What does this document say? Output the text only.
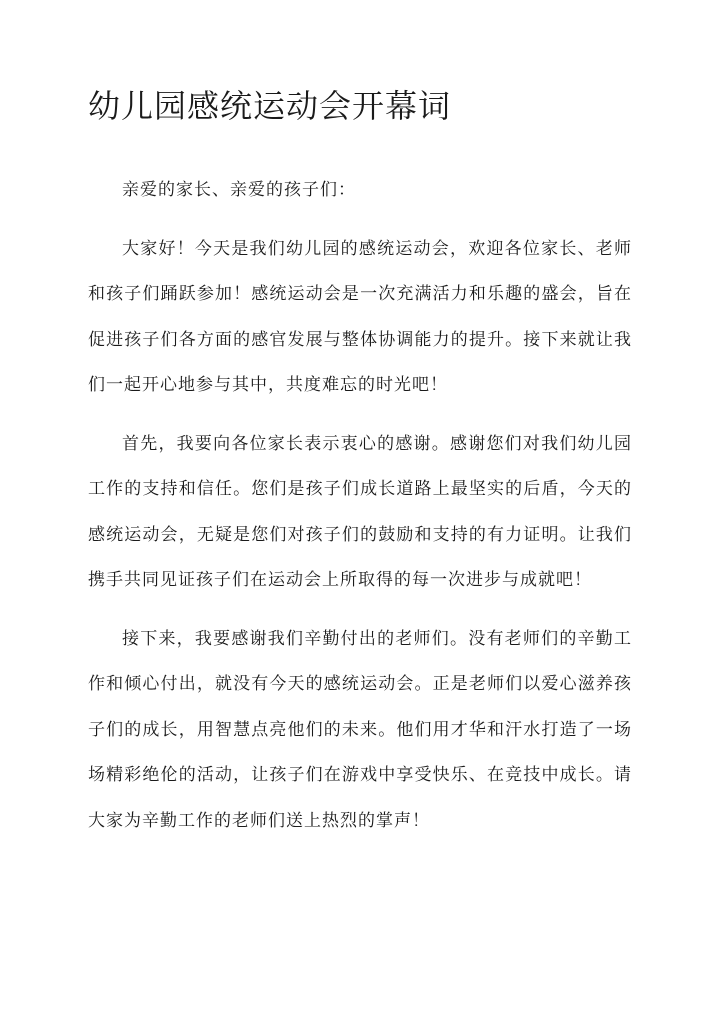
幼儿园感统运动会开幕词

亲爱的家长、亲爱的孩子们：

大家好！今天是我们幼儿园的感统运动会，欢迎各位家长、老师和孩子们踊跃参加！感统运动会是一次充满活力和乐趣的盛会，旨在促进孩子们各方面的感官发展与整体协调能力的提升。接下来就让我们一起开心地参与其中，共度难忘的时光吧！

首先，我要向各位家长表示衷心的感谢。感谢您们对我们幼儿园工作的支持和信任。您们是孩子们成长道路上最坚实的后盾，今天的感统运动会，无疑是您们对孩子们的鼓励和支持的有力证明。让我们携手共同见证孩子们在运动会上所取得的每一次进步与成就吧！

接下来，我要感谢我们辛勤付出的老师们。没有老师们的辛勤工作和倾心付出，就没有今天的感统运动会。正是老师们以爱心滋养孩子们的成长，用智慧点亮他们的未来。他们用才华和汗水打造了一场场精彩绝伦的活动，让孩子们在游戏中享受快乐、在竞技中成长。请大家为辛勤工作的老师们送上热烈的掌声！
